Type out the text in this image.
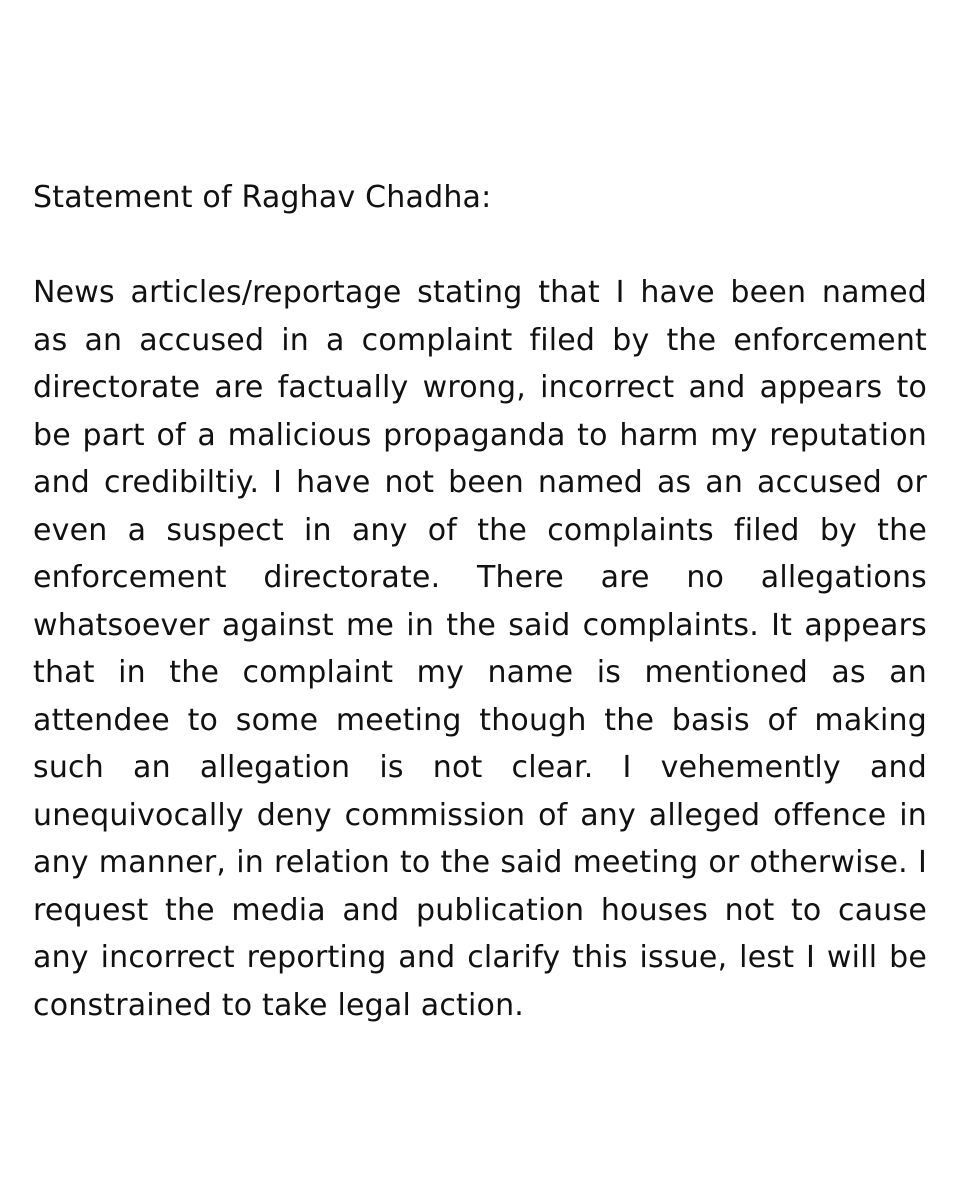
Statement of Raghav Chadha:

News articles/reportage stating that I have been named as an accused in a complaint filed by the enforcement directorate are factually wrong, incorrect and appears to be part of a malicious propaganda to harm my reputation and credibiltiy. I have not been named as an accused or even a suspect in any of the complaints filed by the enforcement directorate. There are no allegations whatsoever against me in the said complaints. It appears that in the complaint my name is mentioned as an attendee to some meeting though the basis of making such an allegation is not clear. I vehemently and unequivocally deny commission of any alleged offence in any manner, in relation to the said meeting or otherwise. I request the media and publication houses not to cause any incorrect reporting and clarify this issue, lest I will be constrained to take legal action.
